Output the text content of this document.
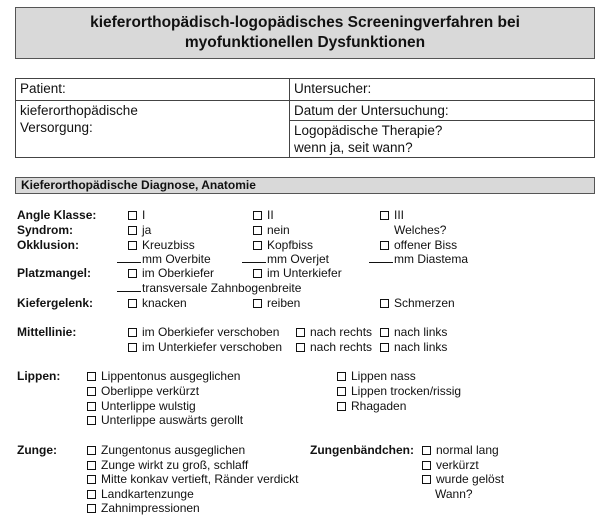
kieferorthopädisch-logopädisches Screeningverfahren bei
myofunktionellen Dysfunktionen
Patient:	Untersucher:

kieferorthopädische
Versorgung:	Datum der Untersuchung:

	Logopädische Therapie?
wenn ja, seit wann?
Kieferorthopädische Diagnose, Anatomie
Angle Klasse:	I	II	III
Syndrom:	ja	nein	Welches?
Okklusion:	Kreuzbiss	Kopfbiss	offener Biss
mm Overbite	mm Overjet	mm Diastema
Platzmangel:	im Oberkiefer	im Unterkiefer
transversale Zahnbogenbreite
Kiefergelenk:	knacken	reiben	Schmerzen
Mittellinie:	im Oberkiefer verschoben	nach rechts	nach links
im Unterkiefer verschoben	nach rechts	nach links
Lippen:	Lippentonus ausgeglichen
Oberlippe verkürzt
Unterlippe wulstig
Unterlippe auswärts gerollt
Lippen nass
Lippen trocken/rissig
Rhagaden
Zunge:	Zungentonus ausgeglichen
Zunge wirkt zu groß, schlaff
Mitte konkav vertieft, Ränder verdickt
Landkartenzunge
Zahnimpressionen
Zungenbändchen:	normal lang
verkürzt
wurde gelöst
Wann?
